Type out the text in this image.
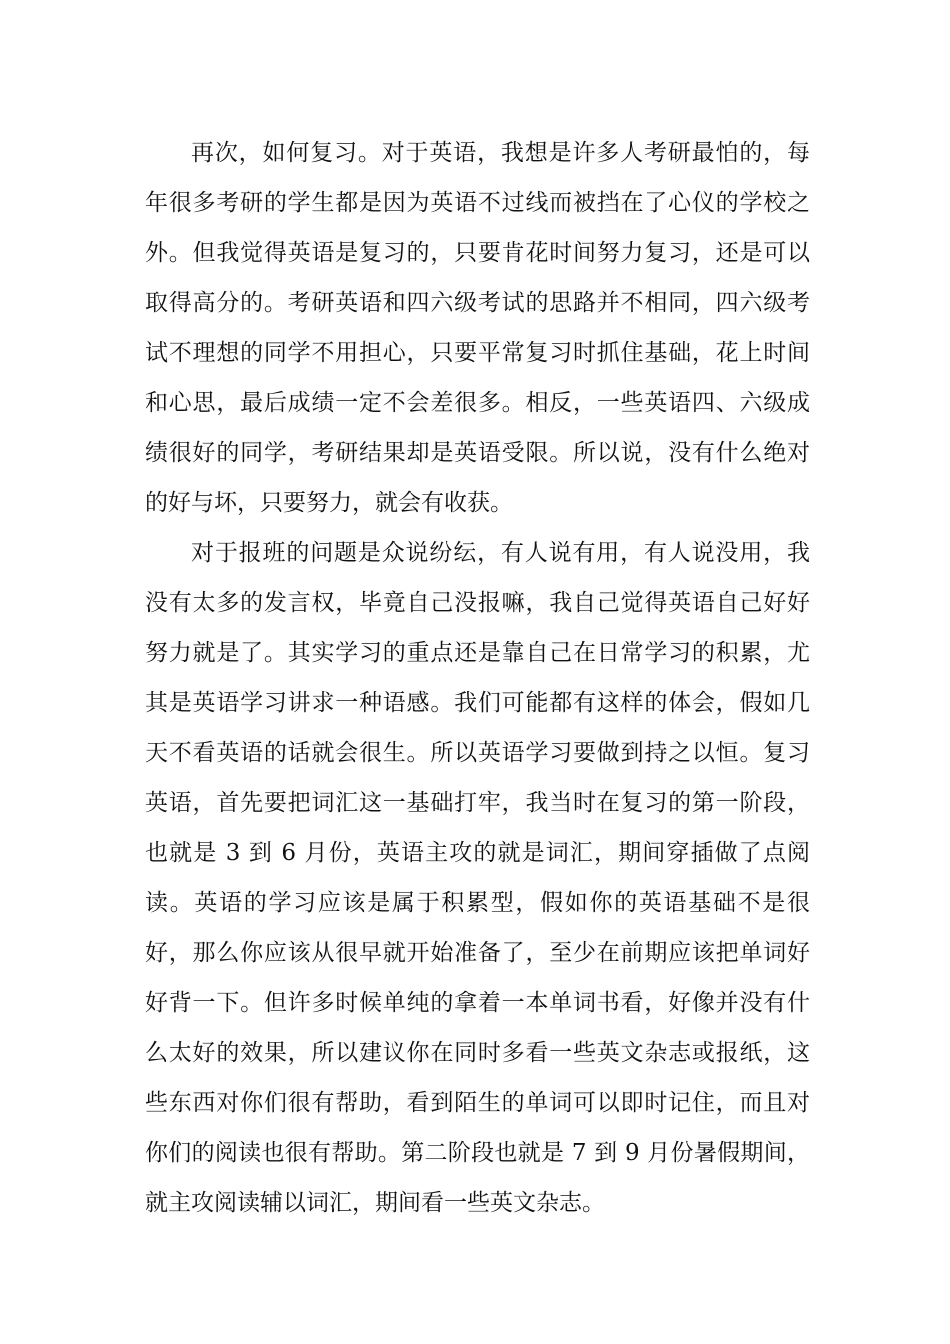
再次，如何复习。对于英语，我想是许多人考研最怕的，每年很多考研的学生都是因为英语不过线而被挡在了心仪的学校之外。但我觉得英语是复习的，只要肯花时间努力复习，还是可以取得高分的。考研英语和四六级考试的思路并不相同，四六级考试不理想的同学不用担心，只要平常复习时抓住基础，花上时间和心思，最后成绩一定不会差很多。相反，一些英语四、六级成绩很好的同学，考研结果却是英语受限。所以说，没有什么绝对的好与坏，只要努力，就会有收获。

对于报班的问题是众说纷纭，有人说有用，有人说没用，我没有太多的发言权，毕竟自己没报嘛，我自己觉得英语自己好好努力就是了。其实学习的重点还是靠自己在日常学习的积累，尤其是英语学习讲求一种语感。我们可能都有这样的体会，假如几天不看英语的话就会很生。所以英语学习要做到持之以恒。复习英语，首先要把词汇这一基础打牢，我当时在复习的第一阶段，也就是 3 到 6 月份，英语主攻的就是词汇，期间穿插做了点阅读。英语的学习应该是属于积累型，假如你的英语基础不是很好，那么你应该从很早就开始准备了，至少在前期应该把单词好好背一下。但许多时候单纯的拿着一本单词书看，好像并没有什么太好的效果，所以建议你在同时多看一些英文杂志或报纸，这些东西对你们很有帮助，看到陌生的单词可以即时记住，而且对你们的阅读也很有帮助。第二阶段也就是 7 到 9 月份暑假期间，就主攻阅读辅以词汇，期间看一些英文杂志。
